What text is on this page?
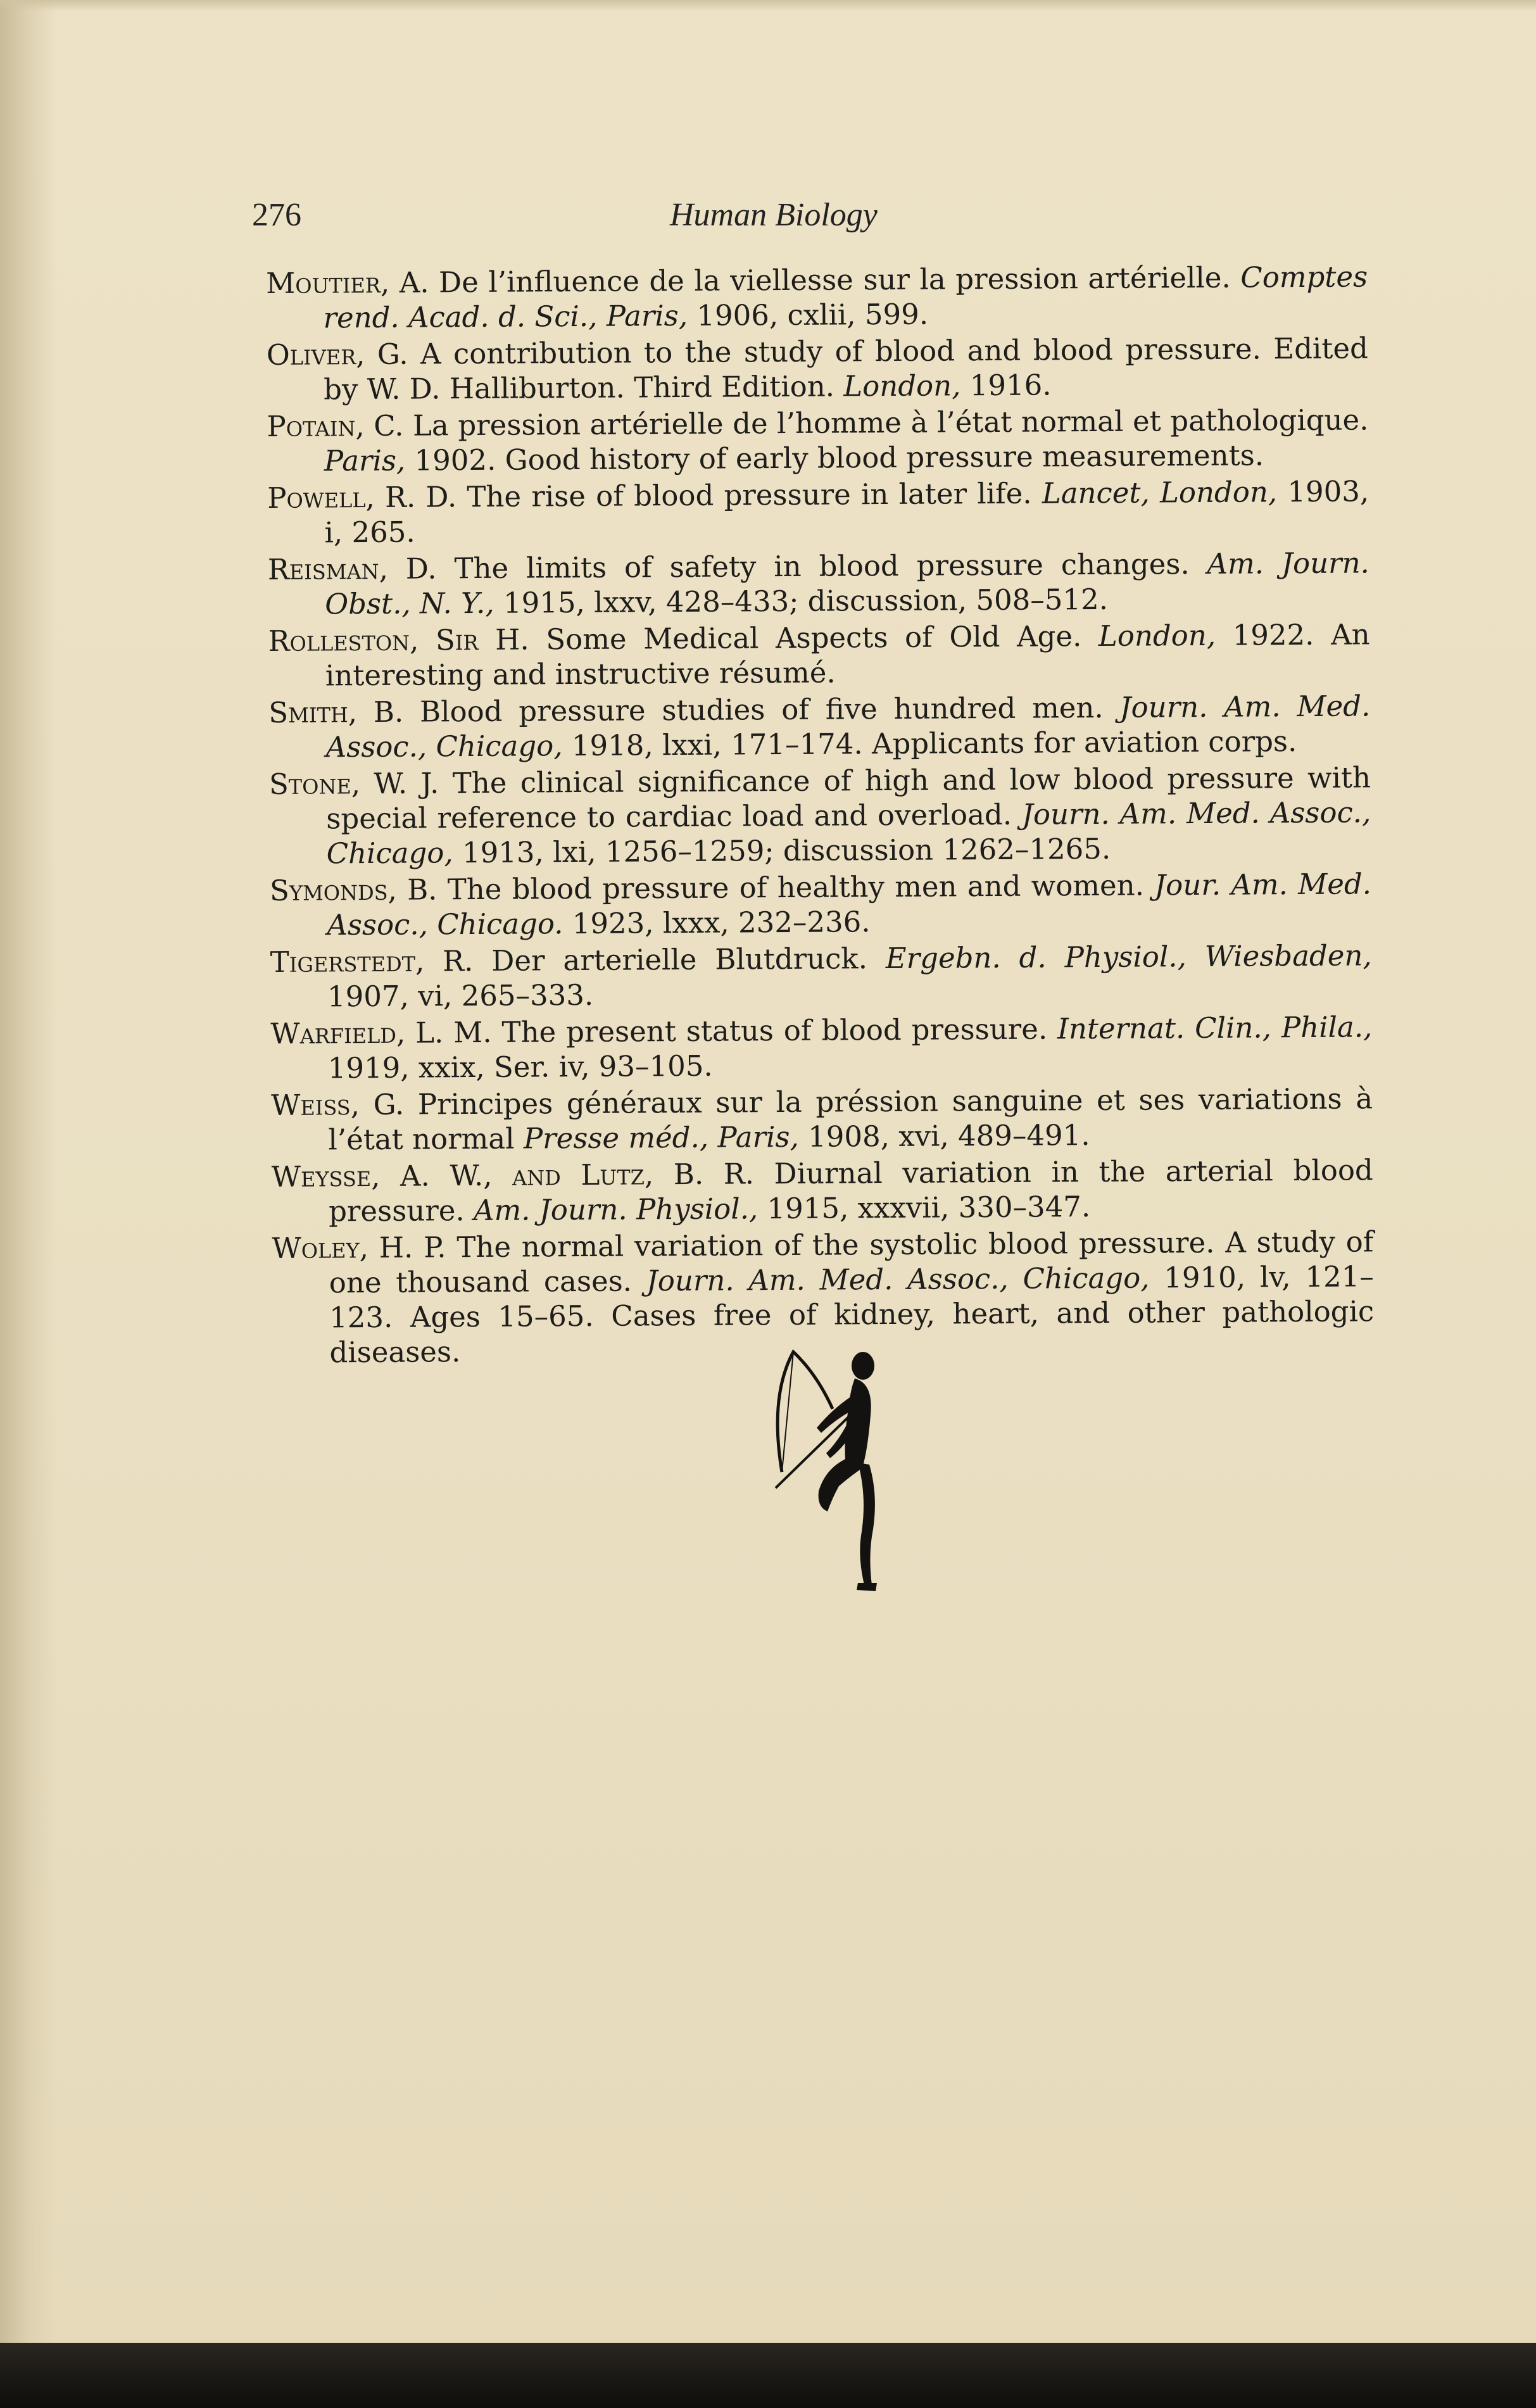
276	Human Biology
Moutier, A. De l’influence de la viellesse sur la pression artérielle. Comptes rend. Acad. d. Sci., Paris, 1906, cxlii, 599.
Oliver, G. A contribution to the study of blood and blood pressure. Edited by W. D. Halliburton. Third Edition. London, 1916.
Potain, C. La pression artérielle de l’homme à l’état normal et pathologique. Paris, 1902. Good history of early blood pressure measurements.
Powell, R. D. The rise of blood pressure in later life. Lancet, London, 1903, i, 265.
Reisman, D. The limits of safety in blood pressure changes. Am. Journ. Obst., N. Y., 1915, lxxv, 428–433; discussion, 508–512.
Rolleston, Sir H. Some Medical Aspects of Old Age. London, 1922. An interesting and instructive résumé.
Smith, B. Blood pressure studies of five hundred men. Journ. Am. Med. Assoc., Chicago, 1918, lxxi, 171–174. Applicants for aviation corps.
Stone, W. J. The clinical significance of high and low blood pressure with special reference to cardiac load and overload. Journ. Am. Med. Assoc., Chicago, 1913, lxi, 1256–1259; discussion 1262–1265.
Symonds, B. The blood pressure of healthy men and women. Jour. Am. Med. Assoc., Chicago. 1923, lxxx, 232–236.
Tigerstedt, R. Der arterielle Blutdruck. Ergebn. d. Physiol., Wiesbaden, 1907, vi, 265–333.
Warfield, L. M. The present status of blood pressure. Internat. Clin., Phila., 1919, xxix, Ser. iv, 93–105.
Weiss, G. Principes généraux sur la préssion sanguine et ses variations à l’état normal Presse méd., Paris, 1908, xvi, 489–491.
Weysse, A. W., and Lutz, B. R. Diurnal variation in the arterial blood pressure. Am. Journ. Physiol., 1915, xxxvii, 330–347.
Woley, H. P. The normal variation of the systolic blood pressure. A study of one thousand cases. Journ. Am. Med. Assoc., Chicago, 1910, lv, 121–123. Ages 15–65. Cases free of kidney, heart, and other pathologic diseases.
